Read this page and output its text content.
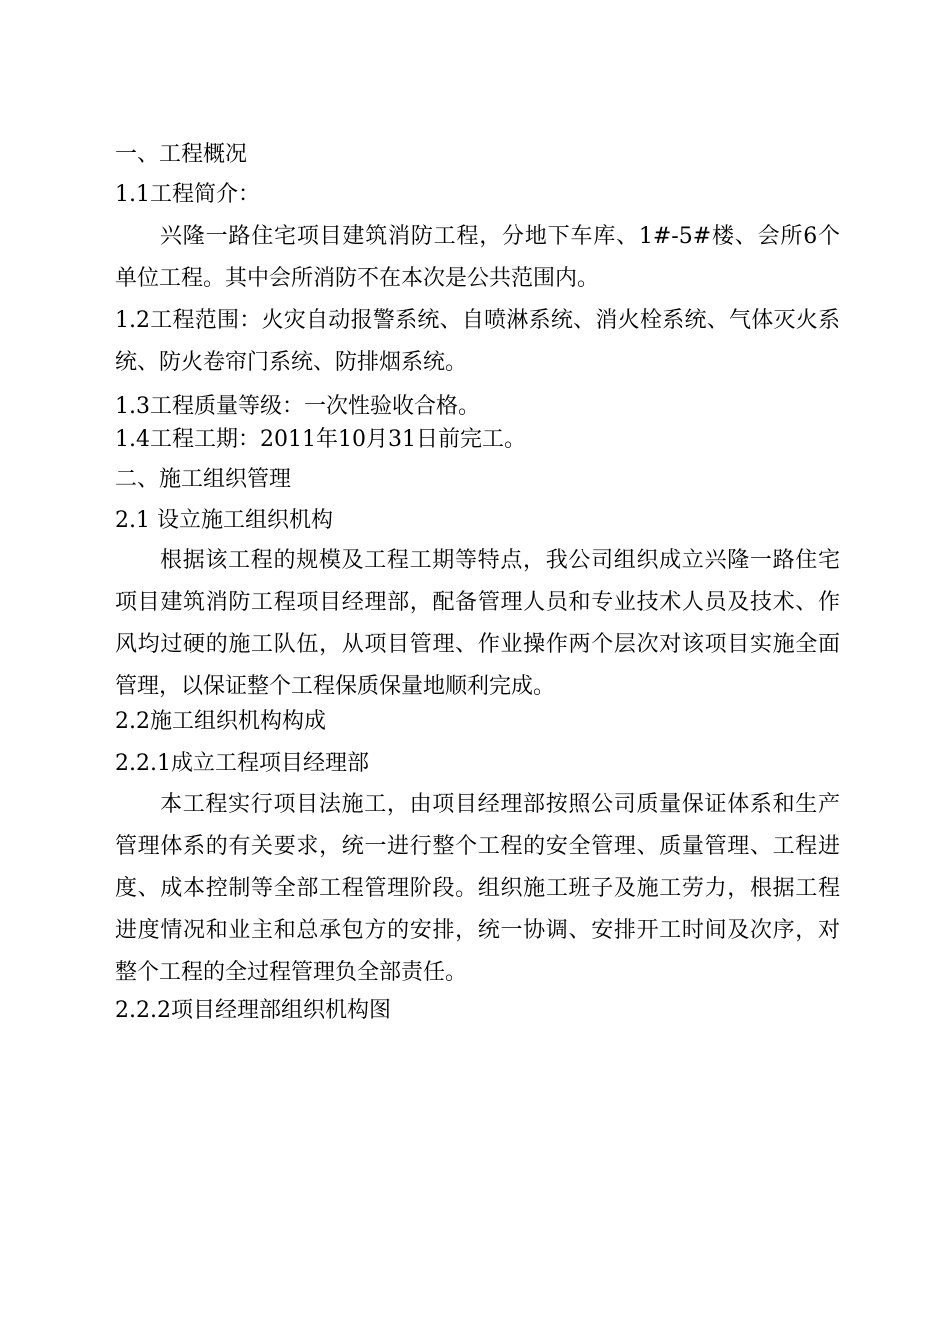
一、工程概况
1.1工程简介：
兴隆一路住宅项目建筑消防工程，分地下车库、1#-5#楼、会所6个单位工程。其中会所消防不在本次是公共范围内。
1.2工程范围：火灾自动报警系统、自喷淋系统、消火栓系统、气体灭火系统、防火卷帘门系统、防排烟系统。
1.3工程质量等级：一次性验收合格。
1.4工程工期：2011年10月31日前完工。
二、施工组织管理
2.1 设立施工组织机构
根据该工程的规模及工程工期等特点，我公司组织成立兴隆一路住宅项目建筑消防工程项目经理部，配备管理人员和专业技术人员及技术、作风均过硬的施工队伍，从项目管理、作业操作两个层次对该项目实施全面管理，以保证整个工程保质保量地顺利完成。
2.2施工组织机构构成
2.2.1成立工程项目经理部
本工程实行项目法施工，由项目经理部按照公司质量保证体系和生产管理体系的有关要求，统一进行整个工程的安全管理、质量管理、工程进度、成本控制等全部工程管理阶段。组织施工班子及施工劳力，根据工程进度情况和业主和总承包方的安排，统一协调、安排开工时间及次序，对整个工程的全过程管理负全部责任。
2.2.2项目经理部组织机构图
